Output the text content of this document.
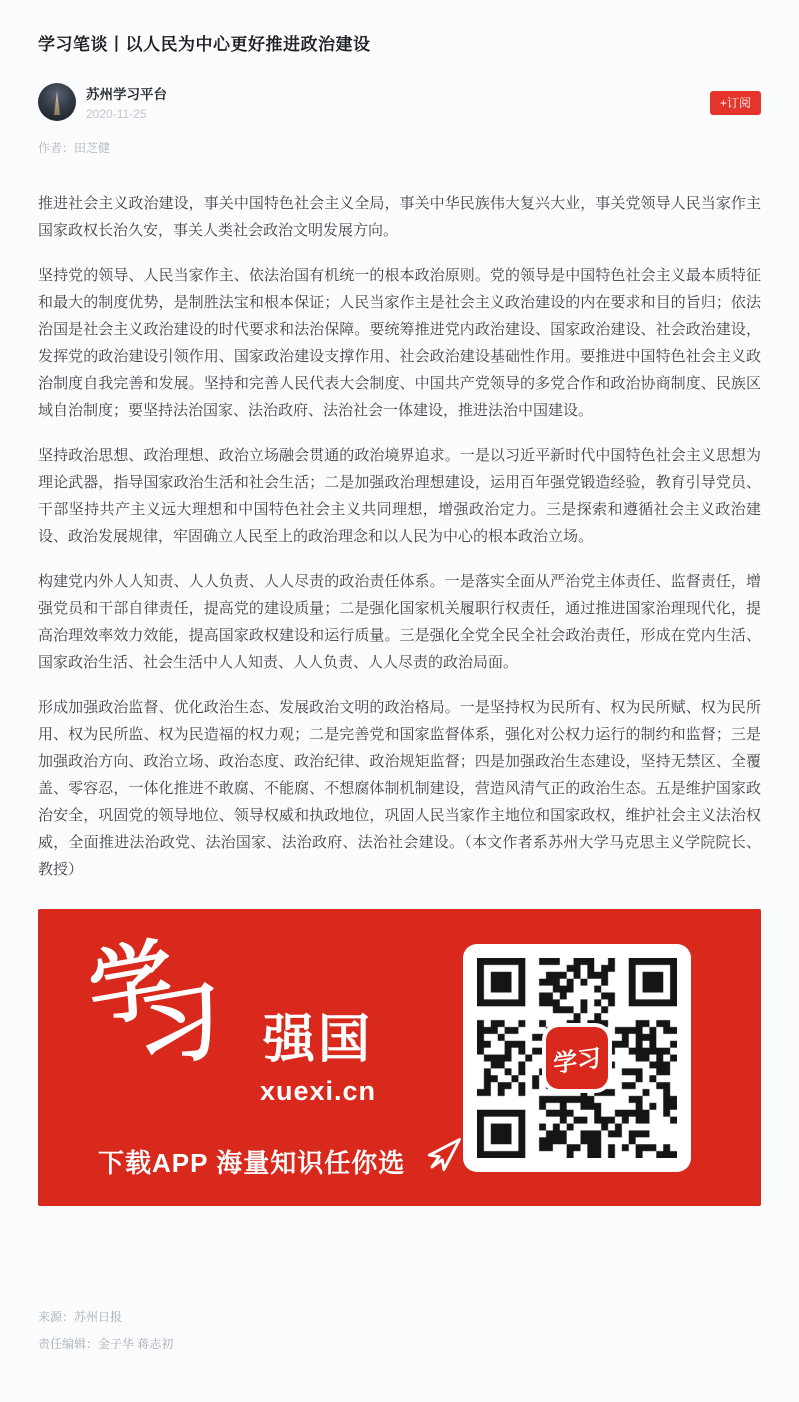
学习笔谈丨以人民为中心更好推进政治建设
苏州学习平台
2020-11-25
+订阅
作者：田芝健

推进社会主义政治建设，事关中国特色社会主义全局，事关中华民族伟大复兴大业，事关党领导人民当家作主国家政权长治久安，事关人类社会政治文明发展方向。

坚持党的领导、人民当家作主、依法治国有机统一的根本政治原则。党的领导是中国特色社会主义最本质特征和最大的制度优势，是制胜法宝和根本保证；人民当家作主是社会主义政治建设的内在要求和目的旨归；依法治国是社会主义政治建设的时代要求和法治保障。要统筹推进党内政治建设、国家政治建设、社会政治建设，发挥党的政治建设引领作用、国家政治建设支撑作用、社会政治建设基础性作用。要推进中国特色社会主义政治制度自我完善和发展。坚持和完善人民代表大会制度、中国共产党领导的多党合作和政治协商制度、民族区域自治制度；要坚持法治国家、法治政府、法治社会一体建设，推进法治中国建设。

坚持政治思想、政治理想、政治立场融会贯通的政治境界追求。一是以习近平新时代中国特色社会主义思想为理论武器，指导国家政治生活和社会生活；二是加强政治理想建设，运用百年强党锻造经验，教育引导党员、干部坚持共产主义远大理想和中国特色社会主义共同理想，增强政治定力。三是探索和遵循社会主义政治建设、政治发展规律，牢固确立人民至上的政治理念和以人民为中心的根本政治立场。

构建党内外人人知责、人人负责、人人尽责的政治责任体系。一是落实全面从严治党主体责任、监督责任，增强党员和干部自律责任，提高党的建设质量；二是强化国家机关履职行权责任，通过推进国家治理现代化，提高治理效率效力效能，提高国家政权建设和运行质量。三是强化全党全民全社会政治责任，形成在党内生活、国家政治生活、社会生活中人人知责、人人负责、人人尽责的政治局面。

形成加强政治监督、优化政治生态、发展政治文明的政治格局。一是坚持权为民所有、权为民所赋、权为民所用、权为民所监、权为民造福的权力观；二是完善党和国家监督体系，强化对公权力运行的制约和监督；三是加强政治方向、政治立场、政治态度、政治纪律、政治规矩监督；四是加强政治生态建设，坚持无禁区、全覆盖、零容忍，一体化推进不敢腐、不能腐、不想腐体制机制建设，营造风清气正的政治生态。五是维护国家政治安全，巩固党的领导地位、领导权威和执政地位，巩固人民当家作主地位和国家政权，维护社会主义法治权威，全面推进法治政党、法治国家、法治政府、法治社会建设。（本文作者系苏州大学马克思主义学院院长、教授）

学
习 强国
xuexi.cn
下载APP 海量知识任你选
学习
来源：苏州日报
责任编辑：金子华 蒋志初
